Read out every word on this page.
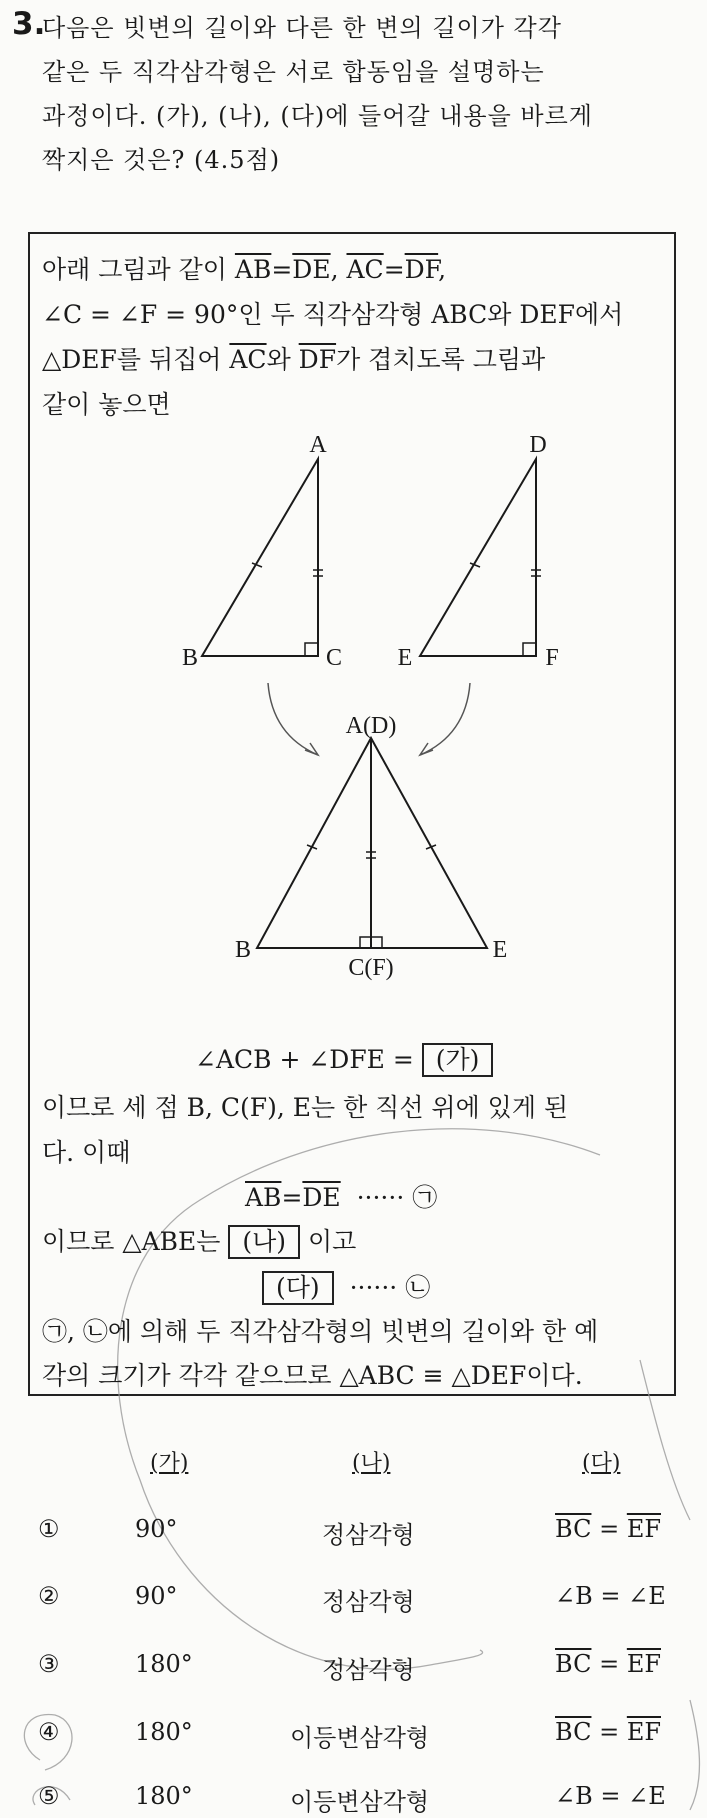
3.
다음은 빗변의 길이와 다른 한 변의 길이가 각각
같은 두 직각삼각형은 서로 합동임을 설명하는
과정이다. (가), (나), (다)에 들어갈 내용을 바르게
짝지은 것은? (4.5점)
아래 그림과 같이 $\overline{AB}=\overline{DE}$, $\overline{AC}=\overline{DF}$,
∠C = ∠F = 90°인 두 직각삼각형 ABC와 DEF에서
△DEF를 뒤집어 $\overline{AC}$와 $\overline{DF}$가 겹치도록 그림과
같이 놓으면
A
B	C
D
E	F
A(D)
B
C(F)
E
∠ACB + ∠DFE = (가)
이므로 세 점 B, C(F), E는 한 직선 위에 있게 된
다. 이때
$\overline{AB}=\overline{DE}$ ······ ㉠
이므로 △ABE는 (나) 이고
(다) ······ ㉡
㉠, ㉡에 의해 두 직각삼각형의 빗변의 길이와 한 예
각의 크기가 각각 같으므로 △ABC ≡ △DEF이다.
(가)	(나)	(다)
①	90°	정삼각형	$\overline{BC} = \overline{EF}$
②	90°	정삼각형	∠B = ∠E
③	180°	정삼각형	$\overline{BC} = \overline{EF}$
④	180°	이등변삼각형	$\overline{BC} = \overline{EF}$
⑤	180°	이등변삼각형	∠B = ∠E
